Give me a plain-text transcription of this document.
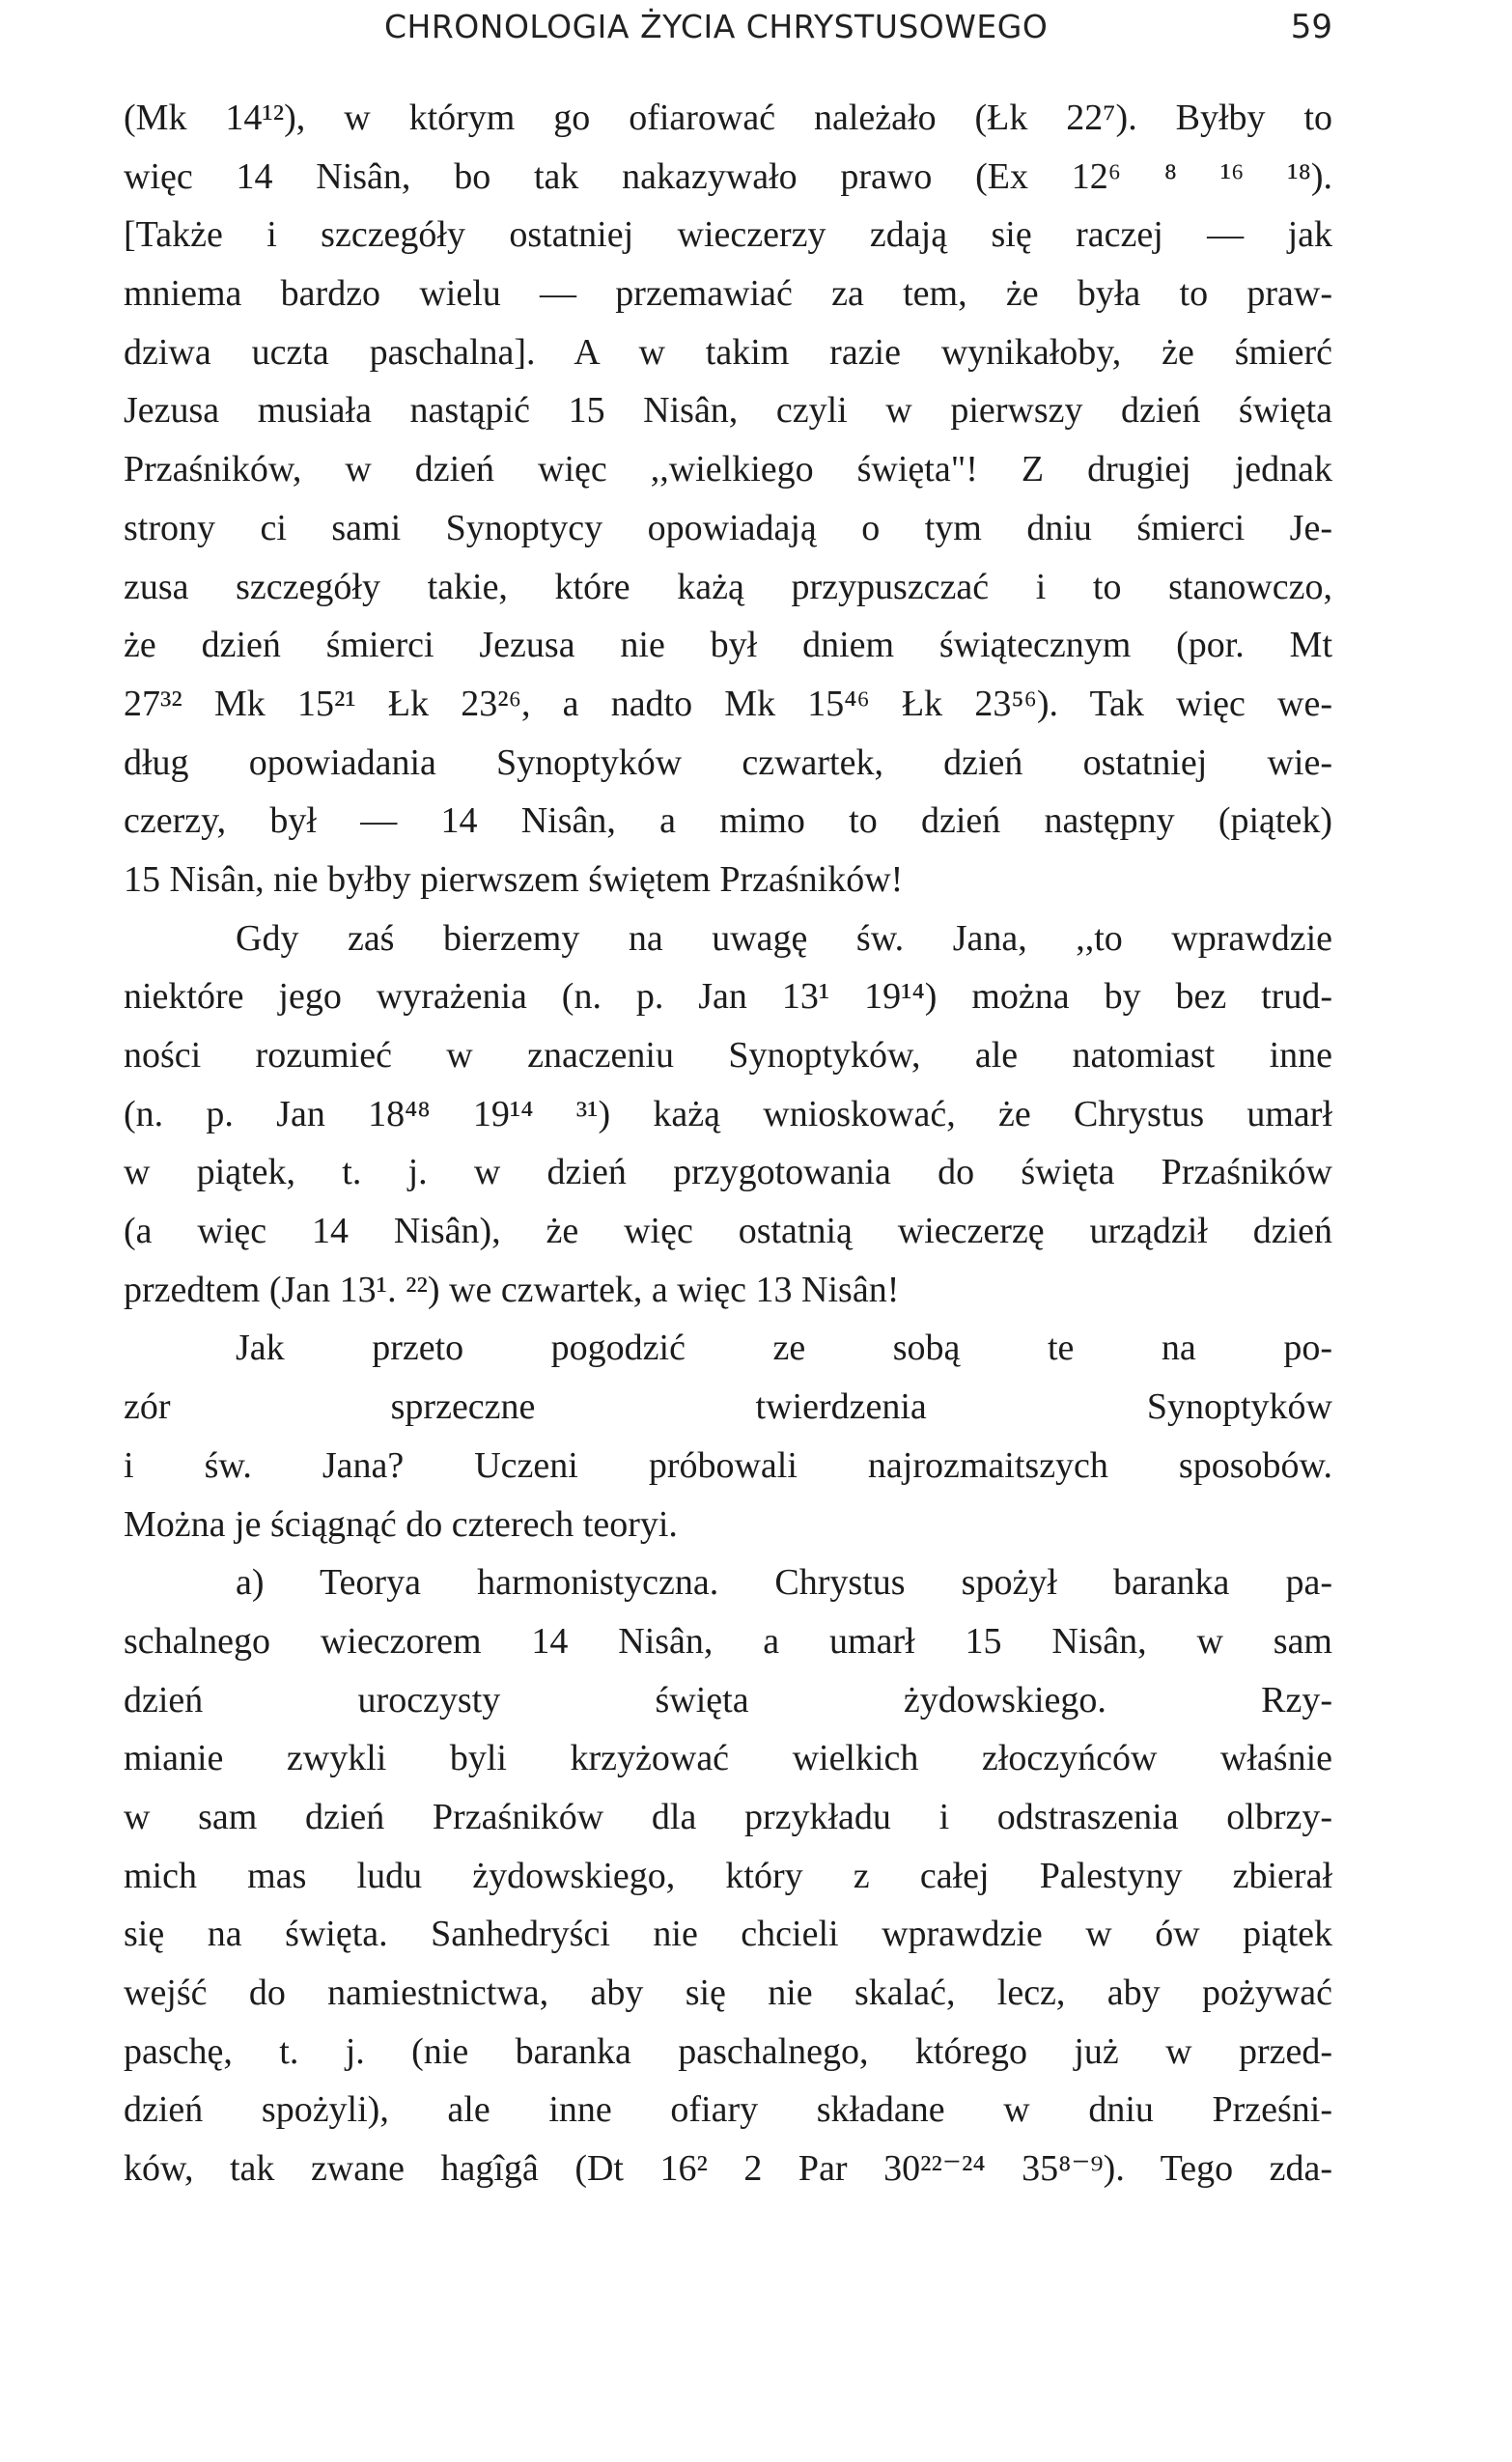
CHRONOLOGIA ŻYCIA CHRYSTUSOWEGO	59
(Mk 14¹²), w którym go ofiarować należało (Łk 22⁷). Byłby to
więc 14 Nisân, bo tak nakazywało prawo (Ex 12⁶ ⁸ ¹⁶ ¹⁸).
[Także i szczegóły ostatniej wieczerzy zdają się raczej — jak
mniema bardzo wielu — przemawiać za tem, że była to praw-
dziwa uczta paschalna]. A w takim razie wynikałoby, że śmierć
Jezusa musiała nastąpić 15 Nisân, czyli w pierwszy dzień święta
Przaśników, w dzień więc ,,wielkiego święta"! Z drugiej jednak
strony ci sami Synoptycy opowiadają o tym dniu śmierci Je-
zusa szczegóły takie, które każą przypuszczać i to stanowczo,
że dzień śmierci Jezusa nie był dniem świątecznym (por. Mt
27³² Mk 15²¹ Łk 23²⁶, a nadto Mk 15⁴⁶ Łk 23⁵⁶). Tak więc we-
dług opowiadania Synoptyków czwartek, dzień ostatniej wie-
czerzy, był — 14 Nisân, a mimo to dzień następny (piątek)
15 Nisân, nie byłby pierwszem świętem Przaśników!
Gdy zaś bierzemy na uwagę św. Jana, ,,to wprawdzie
niektóre jego wyrażenia (n. p. Jan 13¹ 19¹⁴) można by bez trud-
ności rozumieć w znaczeniu Synoptyków, ale natomiast inne
(n. p. Jan 18⁴⁸ 19¹⁴ ³¹) każą wnioskować, że Chrystus umarł
w piątek, t. j. w dzień przygotowania do święta Przaśników
(a więc 14 Nisân), że więc ostatnią wieczerzę urządził dzień
przedtem (Jan 13¹. ²²) we czwartek, a więc 13 Nisân!
Jak przeto pogodzić ze sobą te na po-
zór sprzeczne twierdzenia Synoptyków
i św. Jana? Uczeni próbowali najrozmaitszych sposobów.
Można je ściągnąć do czterech teoryi.
a) Teorya harmonistyczna. Chrystus spożył baranka pa-
schalnego wieczorem 14 Nisân, a umarł 15 Nisân, w sam
dzień uroczysty święta żydowskiego. Rzy-
mianie zwykli byli krzyżować wielkich złoczyńców właśnie
w sam dzień Przaśników dla przykładu i odstraszenia olbrzy-
mich mas ludu żydowskiego, który z całej Palestyny zbierał
się na święta. Sanhedryści nie chcieli wprawdzie w ów piątek
wejść do namiestnictwa, aby się nie skalać, lecz, aby pożywać
paschę, t. j. (nie baranka paschalnego, którego już w przed-
dzień spożyli), ale inne ofiary składane w dniu Prześni-
ków, tak zwane hagîgâ (Dt 16² 2 Par 30²²⁻²⁴ 35⁸⁻⁹). Tego zda-
